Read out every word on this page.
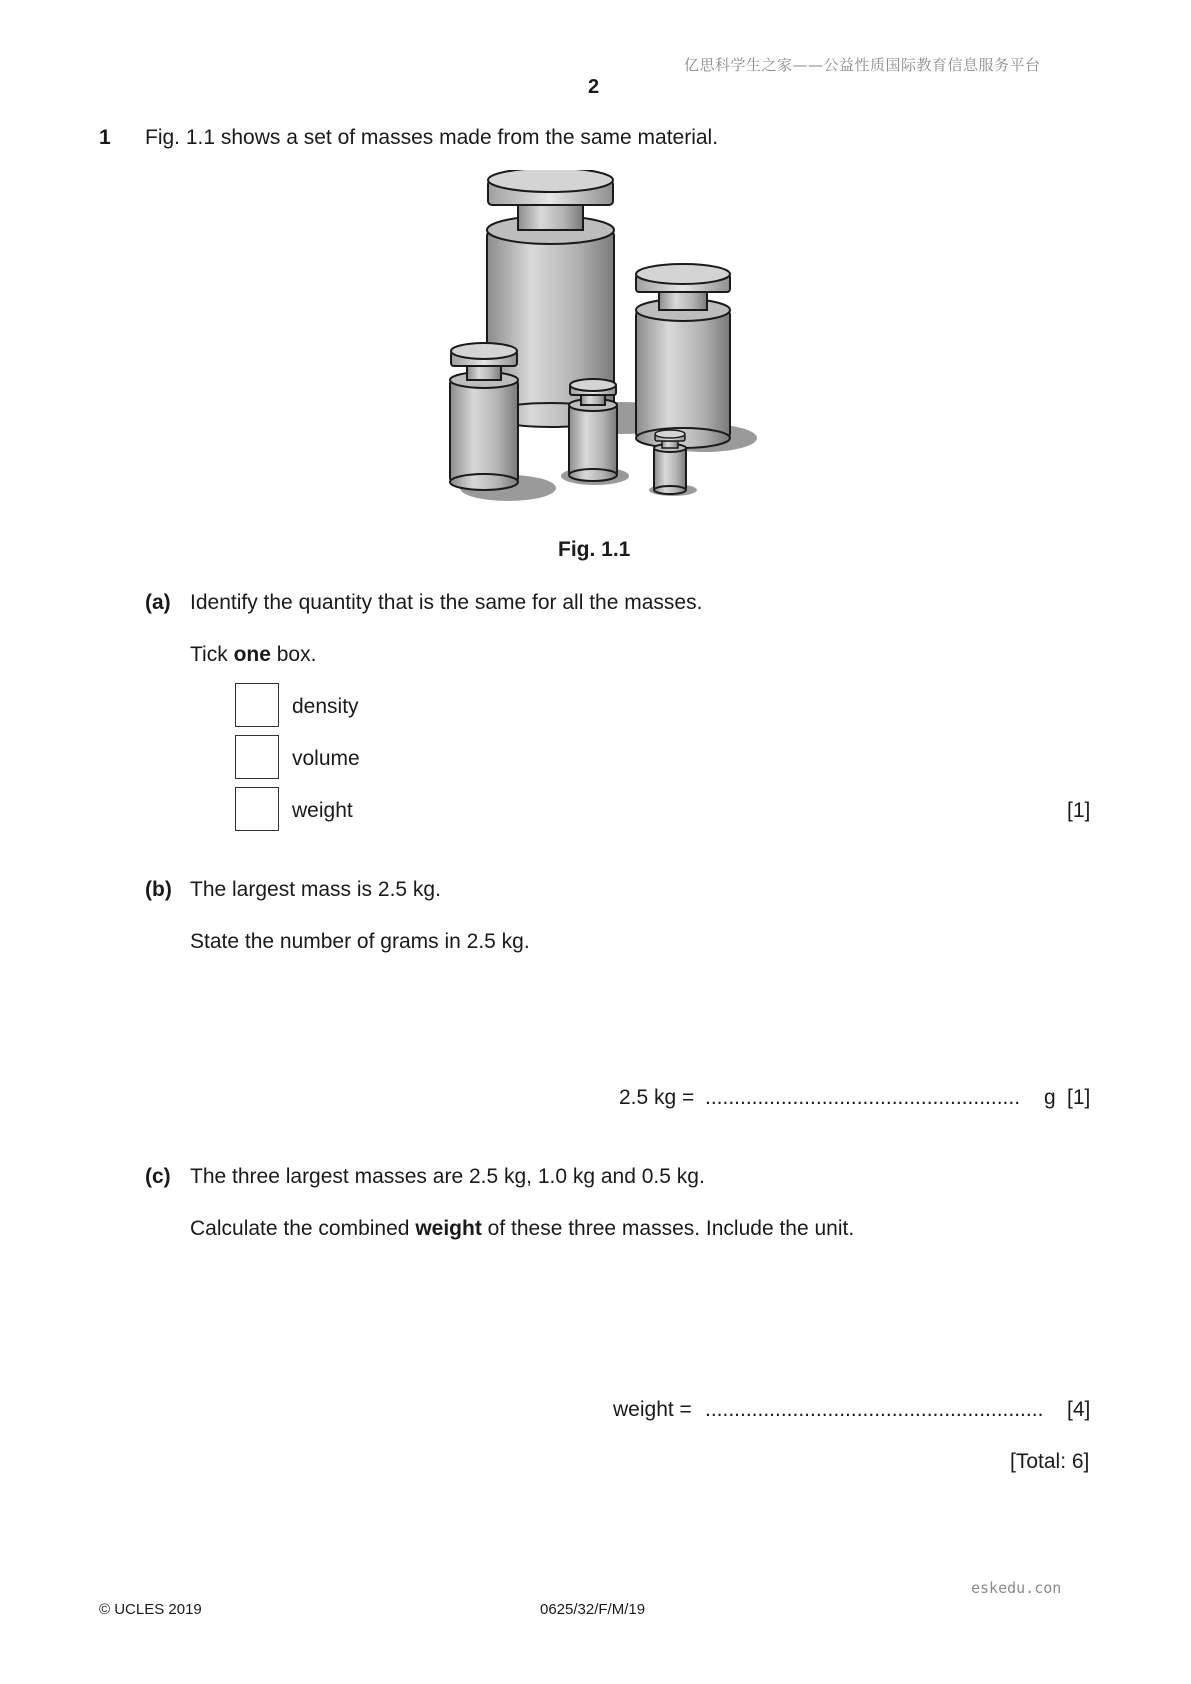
亿思科学生之家——公益性质国际教育信息服务平台
2
1 Fig. 1.1 shows a set of masses made from the same material.
Fig. 1.1
(a) Identify the quantity that is the same for all the masses.
Tick one box.
density
volume
weight	[1]
(b) The largest mass is 2.5 kg.
State the number of grams in 2.5 kg.
2.5 kg = ......................................................	g [1]
(c) The three largest masses are 2.5 kg, 1.0 kg and 0.5 kg.
Calculate the combined weight of these three masses. Include the unit.
weight = ..........................................................	[4]
[Total: 6]
eskedu.con
© UCLES 2019	0625/32/F/M/19
